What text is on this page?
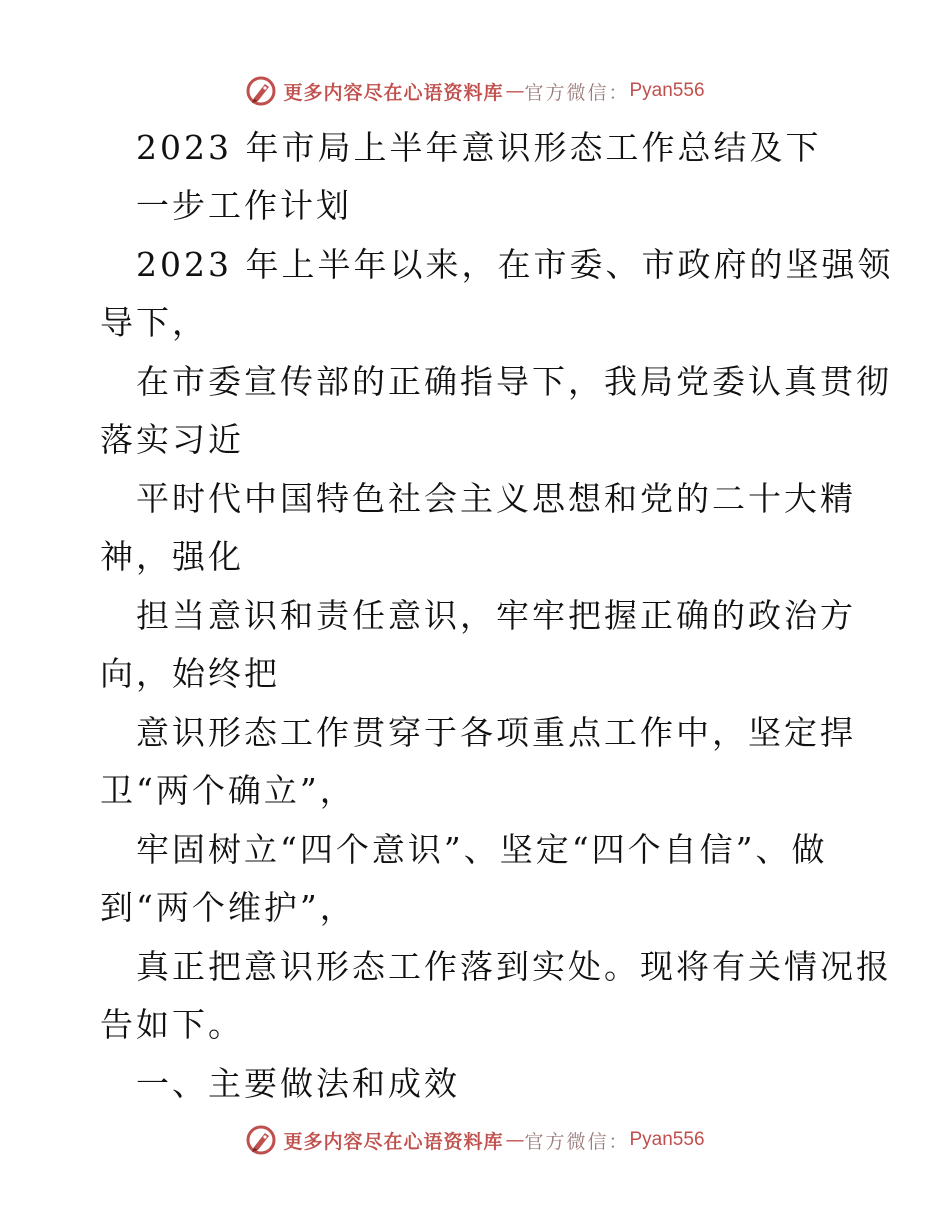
更多内容尽在心语资料库 — 官方微信： Pyan556
2023 年市局上半年意识形态工作总结及下
一步工作计划
2023 年上半年以来，在市委、市政府的坚强领
导下，
在市委宣传部的正确指导下，我局党委认真贯彻
落实习近
平时代中国特色社会主义思想和党的二十大精
神，强化
担当意识和责任意识，牢牢把握正确的政治方
向，始终把
意识形态工作贯穿于各项重点工作中，坚定捍
卫“两个确立”，
牢固树立“四个意识”、坚定“四个自信”、做
到“两个维护”，
真正把意识形态工作落到实处。现将有关情况报
告如下。
一、主要做法和成效
更多内容尽在心语资料库 — 官方微信： Pyan556
